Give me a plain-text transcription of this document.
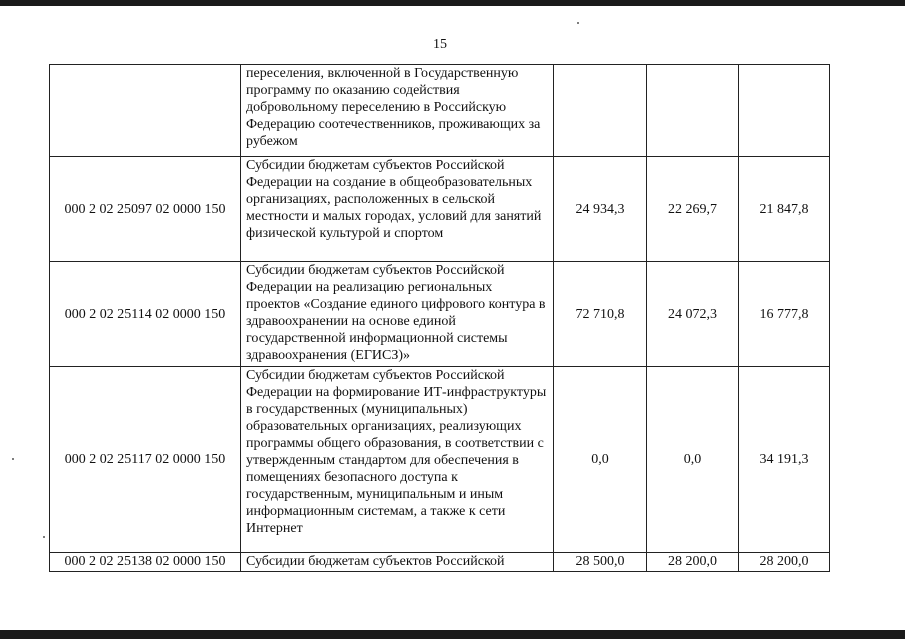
15
	переселения, включенной в Государственную программу по оказанию содействия добровольному переселению в Российскую Федерацию соотечественников, проживающих за рубежом			
000 2 02 25097 02 0000 150	Субсидии бюджетам субъектов Российской Федерации на создание в общеобразовательных организациях, расположенных в сельской местности и малых городах, условий для занятий физической культурой и спортом	24 934,3	22 269,7	21 847,8
000 2 02 25114 02 0000 150	Субсидии бюджетам субъектов Российской Федерации на реализацию региональных проектов «Создание единого цифрового контура в здравоохранении на основе единой государственной информационной системы здравоохранения (ЕГИСЗ)»	72 710,8	24 072,3	16 777,8
000 2 02 25117 02 0000 150	Субсидии бюджетам субъектов Российской Федерации на формирование ИТ-инфраструктуры в государственных (муниципальных) образовательных организациях, реализующих программы общего образования, в соответствии с утвержденным стандартом для обеспечения в помещениях безопасного доступа к государственным, муниципальным и иным информационным системам, а также к сети Интернет	0,0	0,0	34 191,3
000 2 02 25138 02 0000 150	Субсидии бюджетам субъектов Российской	28 500,0	28 200,0	28 200,0
